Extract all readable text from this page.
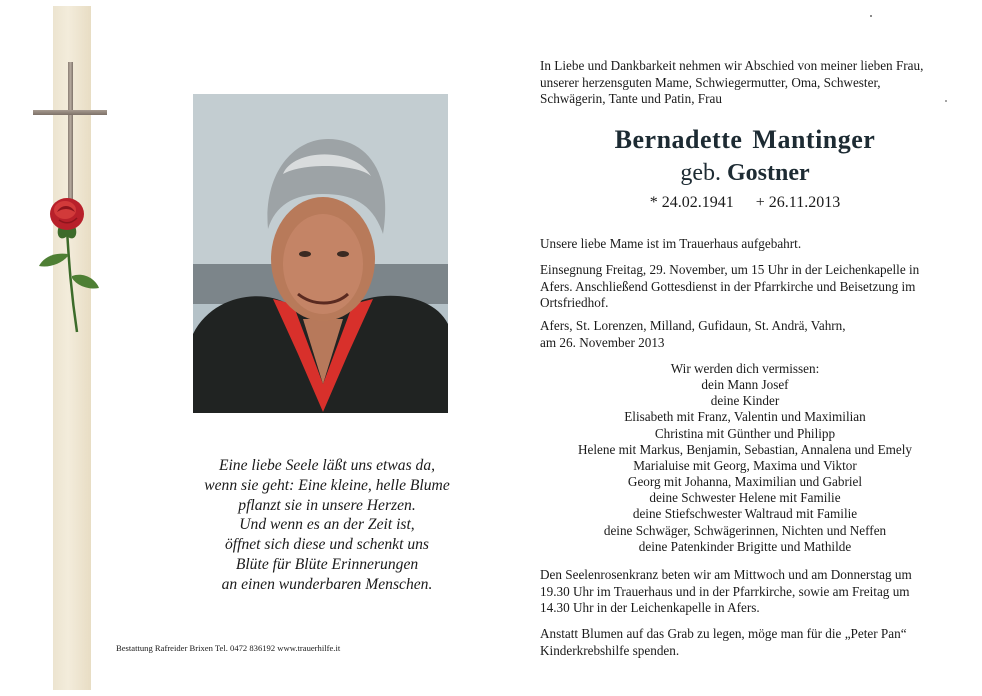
Eine liebe Seele läßt uns etwas da,
wenn sie geht: Eine kleine, helle Blume
pflanzt sie in unsere Herzen.
Und wenn es an der Zeit ist,
öffnet sich diese und schenkt uns
Blüte für Blüte Erinnerungen
an einen wunderbaren Menschen.
Bestattung Rafreider Brixen Tel. 0472 836192 www.trauerhilfe.it
In Liebe und Dankbarkeit nehmen wir Abschied von meiner lieben Frau,
unserer herzensguten Mame, Schwiegermutter, Oma, Schwester,
Schwägerin, Tante und Patin, Frau
Bernadette Mantinger
geb. Gostner
* 24.02.1941 + 26.11.2013
Unsere liebe Mame ist im Trauerhaus aufgebahrt.
Einsegnung Freitag, 29. November, um 15 Uhr in der Leichenkapelle in
Afers. Anschließend Gottesdienst in der Pfarrkirche und Beisetzung im
Ortsfriedhof.
Afers, St. Lorenzen, Milland, Gufidaun, St. Andrä, Vahrn,
am 26. November 2013
Wir werden dich vermissen:
dein Mann Josef
deine Kinder
Elisabeth mit Franz, Valentin und Maximilian
Christina mit Günther und Philipp
Helene mit Markus, Benjamin, Sebastian, Annalena und Emely
Marialuise mit Georg, Maxima und Viktor
Georg mit Johanna, Maximilian und Gabriel
deine Schwester Helene mit Familie
deine Stiefschwester Waltraud mit Familie
deine Schwäger, Schwägerinnen, Nichten und Neffen
deine Patenkinder Brigitte und Mathilde
Den Seelenrosenkranz beten wir am Mittwoch und am Donnerstag um
19.30 Uhr im Trauerhaus und in der Pfarrkirche, sowie am Freitag um
14.30 Uhr in der Leichenkapelle in Afers.
Anstatt Blumen auf das Grab zu legen, möge man für die „Peter Pan“
Kinderkrebshilfe spenden.
